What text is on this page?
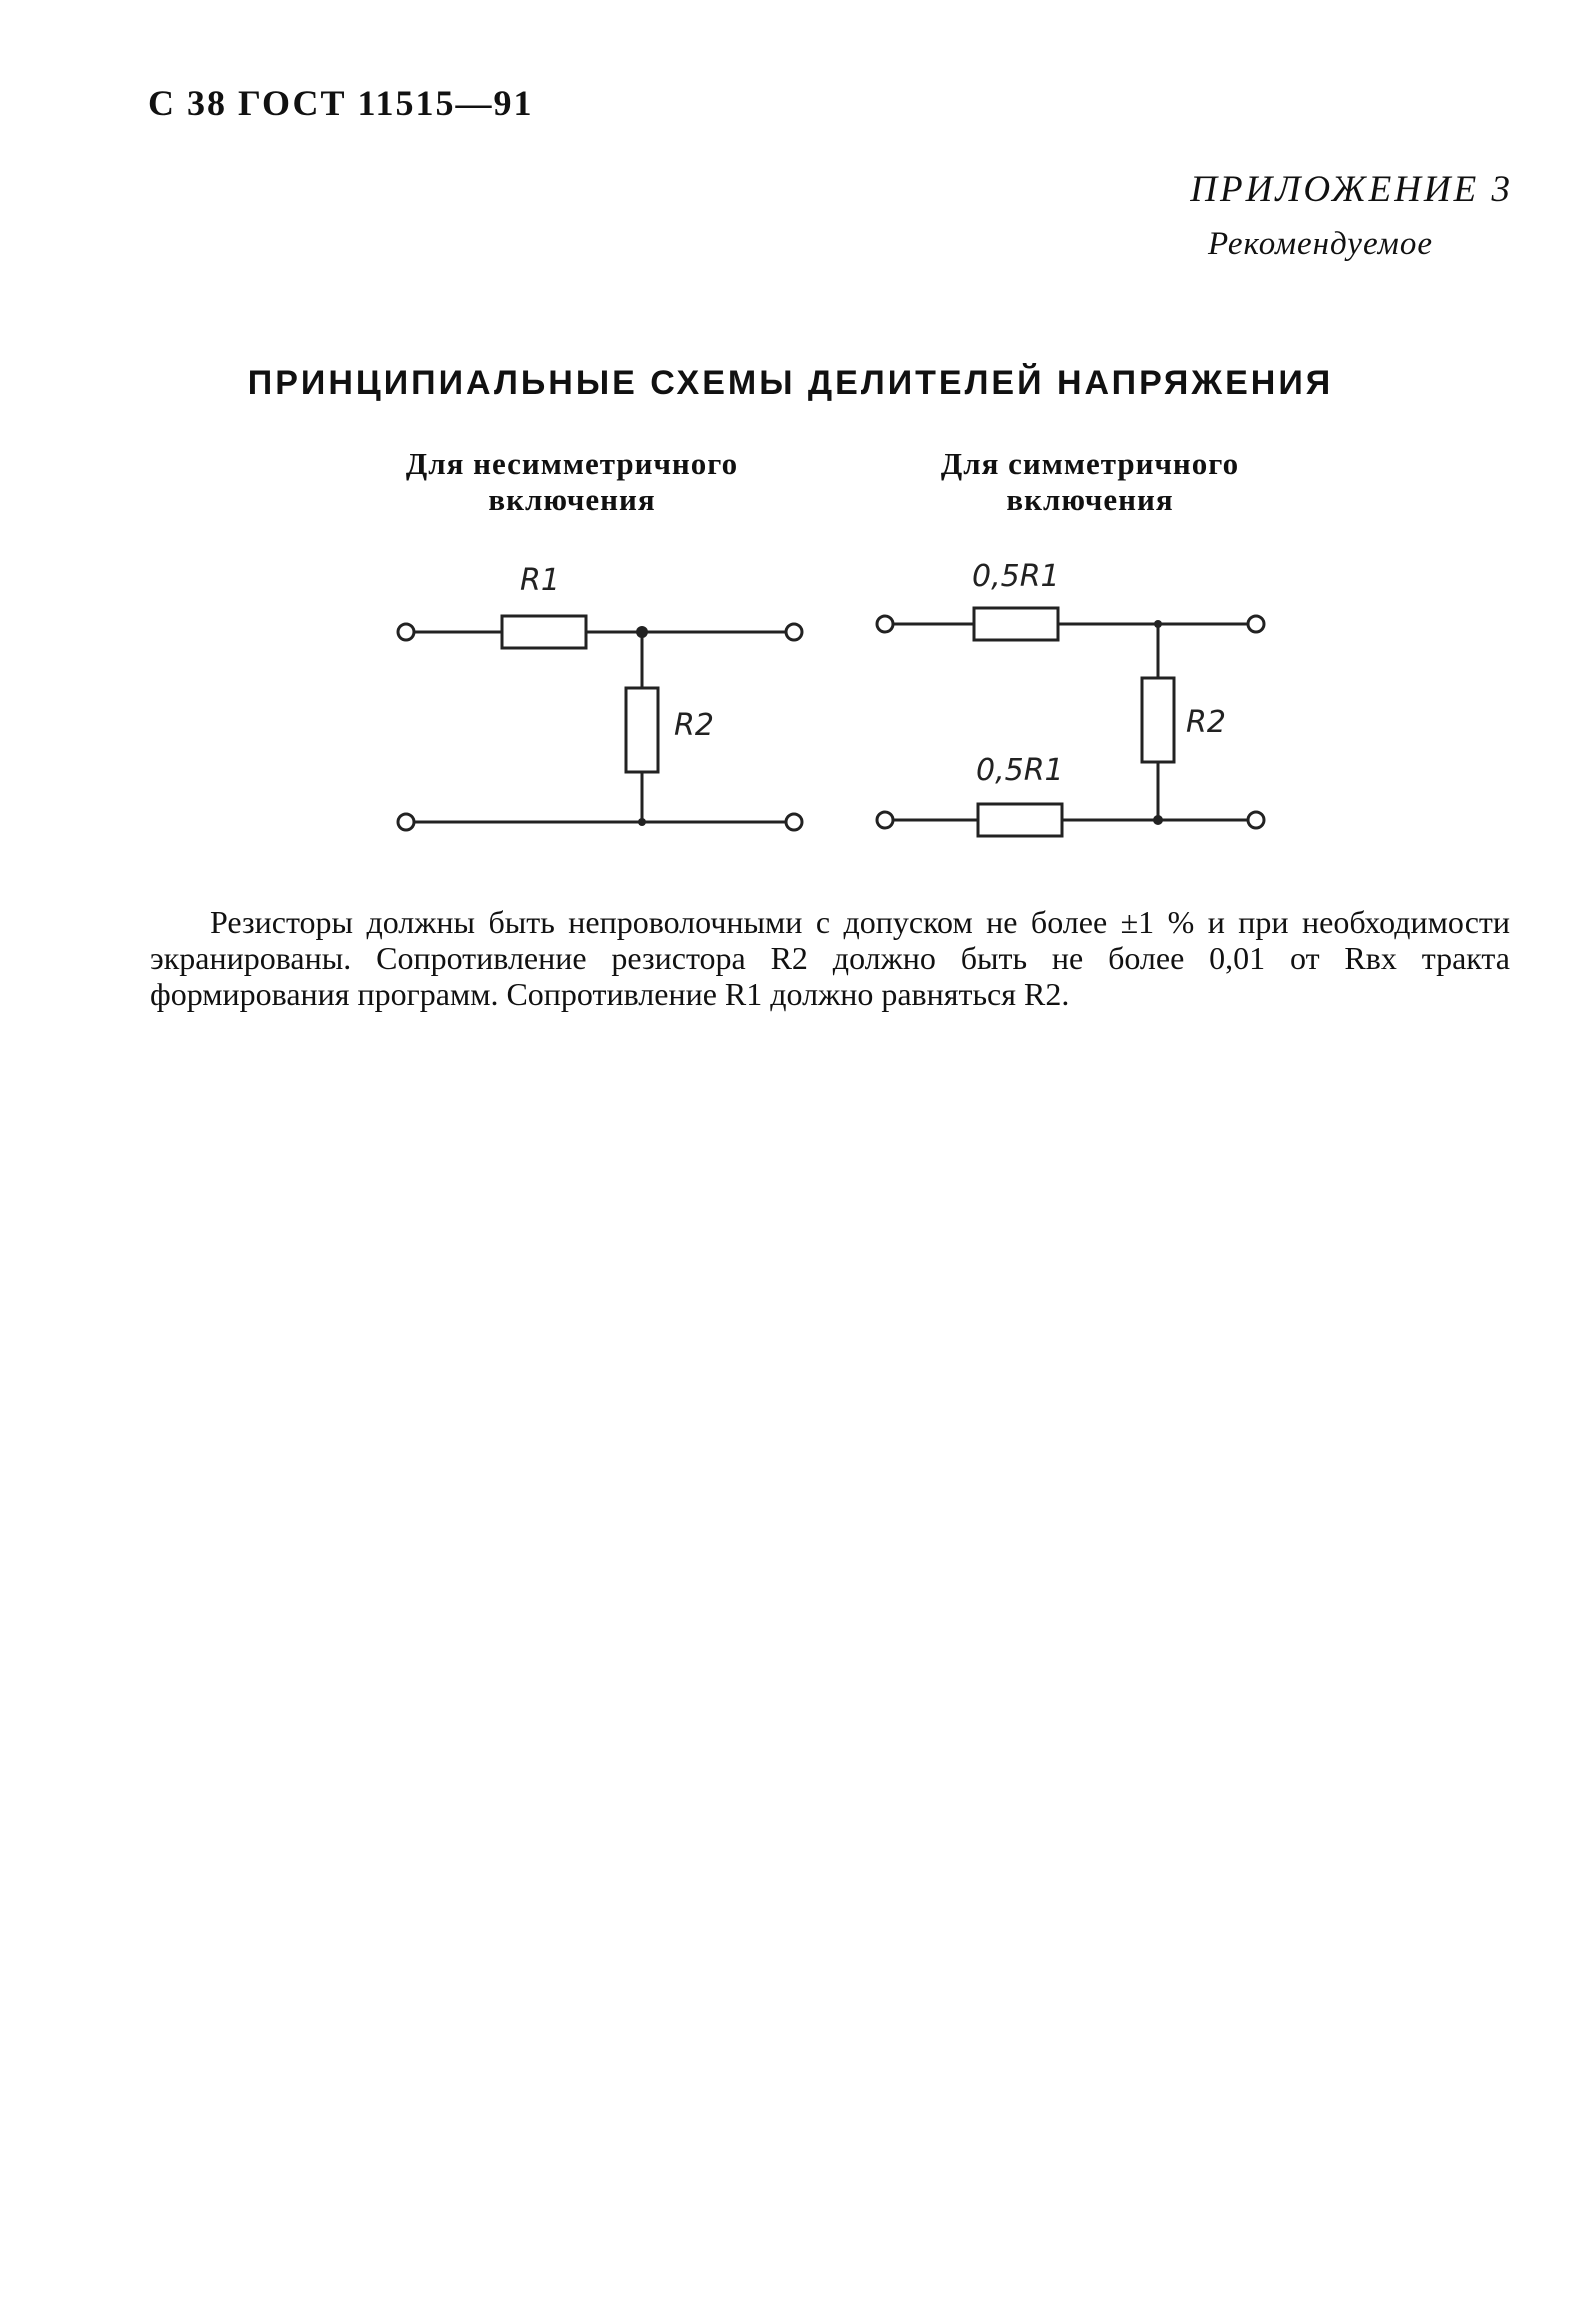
С 38 ГОСТ 11515—91
ПРИЛОЖЕНИЕ 3
Рекомендуемое
ПРИНЦИПИАЛЬНЫЕ СХЕМЫ ДЕЛИТЕЛЕЙ НАПРЯЖЕНИЯ
Для несимметричного
включения
Для симметричного
включения
R1
R2
0,5R1
R2
0,5R1

Резисторы должны быть непроволочными с допуском не более ±1 % и при необходимости экранированы. Сопротивление резистора R2 должно быть не более 0,01 от Rвх тракта формирования программ. Сопротивление R1 должно равняться R2.
